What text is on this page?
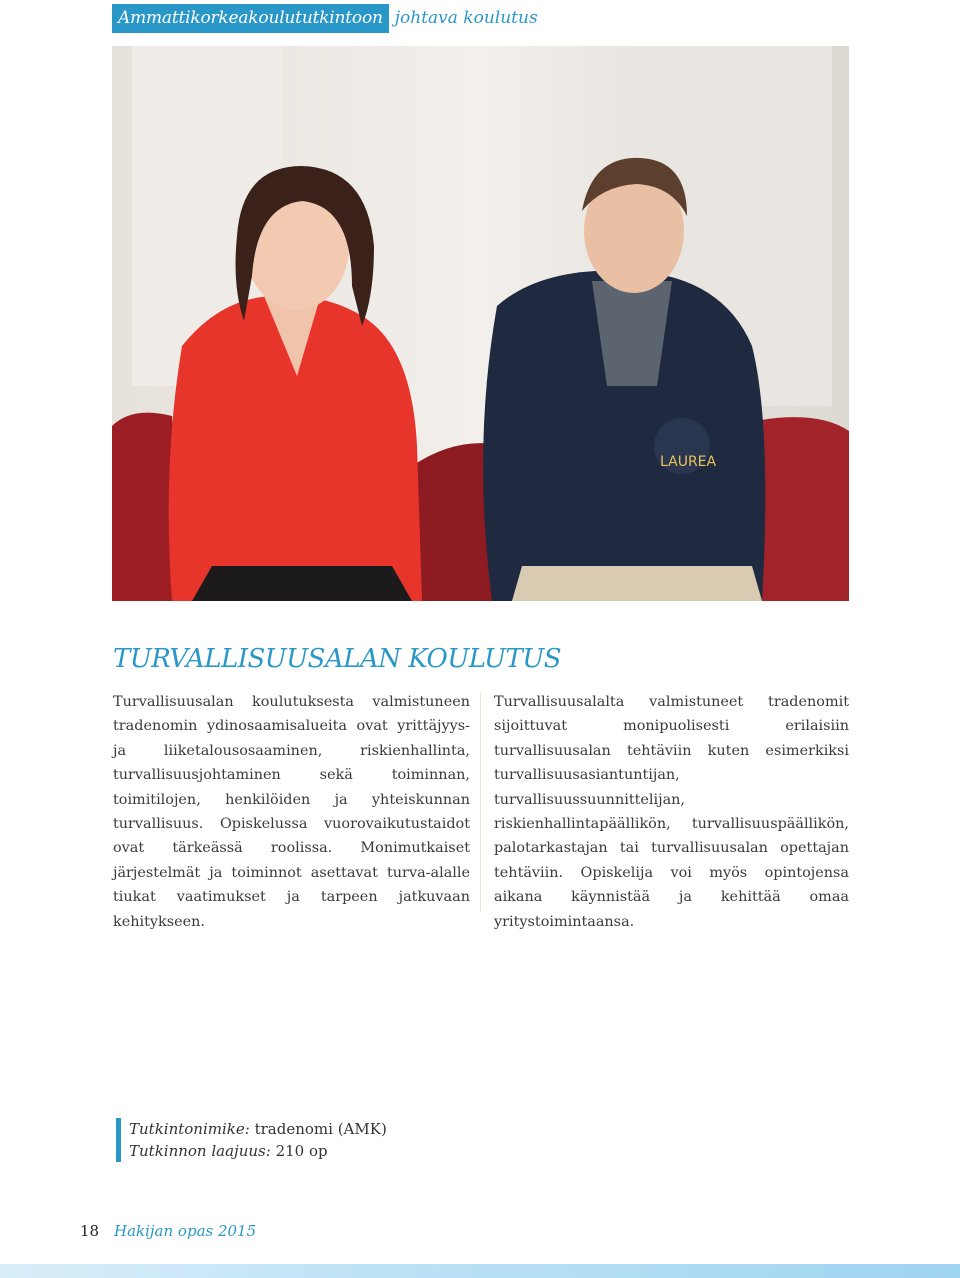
Ammattikorkeakoulututkintoon johtava koulutus
LAUREA
TURVALLISUUSALAN KOULUTUS
Turvallisuusalan koulutuksesta valmistuneen tradenomin ydinosaamisalueita ovat yrittäjyys- ja liiketalousosaaminen, riskienhallinta, turvallisuusjohtaminen sekä toiminnan, toimitilojen, henkilöiden ja yhteiskunnan turvallisuus. Opiskelussa vuorovaikutustaidot ovat tärkeässä roolissa. Monimutkaiset järjestelmät ja toiminnot asettavat turva-alalle tiukat vaatimukset ja tarpeen jatkuvaan kehitykseen.
Turvallisuusalalta valmistuneet tradenomit sijoittuvat monipuolisesti erilaisiin turvallisuusalan tehtäviin kuten esimerkiksi turvallisuusasiantuntijan, turvallisuussuunnittelijan, riskienhallintapäällikön, turvallisuuspäällikön, palotarkastajan tai turvallisuusalan opettajan tehtäviin. Opiskelija voi myös opintojensa aikana käynnistää ja kehittää omaa yritystoimintaansa.
Tutkintonimike: tradenomi (AMK)
Tutkinnon laajuus: 210 op
18 Hakijan opas 2015
